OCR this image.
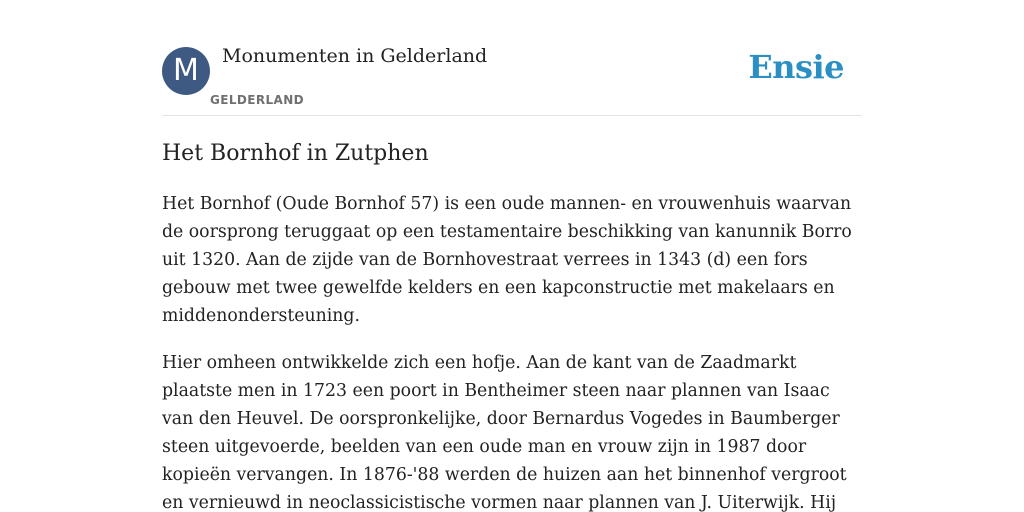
M	Monumenten in Gelderland
GELDERLAND
Ensie
Het Bornhof in Zutphen

Het Bornhof (Oude Bornhof 57) is een oude mannen- en vrouwenhuis waarvan de oorsprong teruggaat op een testamentaire beschikking van kanunnik Borro uit 1320. Aan de zijde van de Bornhovestraat verrees in 1343 (d) een fors gebouw met twee gewelfde kelders en een kapconstructie met makelaars en middenondersteuning.

Hier omheen ontwikkelde zich een hofje. Aan de kant van de Zaadmarkt plaatste men in 1723 een poort in Bentheimer steen naar plannen van Isaac van den Heuvel. De oorspronkelijke, door Bernardus Vogedes in Baumberger steen uitgevoerde, beelden van een oude man en vrouw zijn in 1987 door kopieën vervangen. In 1876-'88 werden de huizen aan het binnenhof vergroot en vernieuwd in neoclassicistische vormen naar plannen van J. Uiterwijk. Hij
